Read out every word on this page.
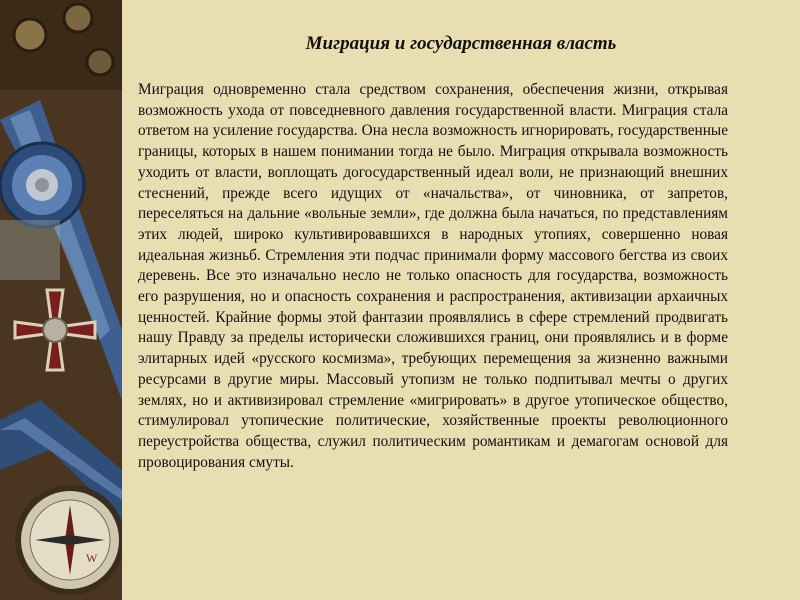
W
Миграция и государственная власть

Миграция одновременно стала средством сохранения, обеспечения жизни, открывая возможность ухода от повседневного давления государственной власти. Миграция стала ответом на усиление государства. Она несла возможность игнорировать, государственные границы, которых в нашем понимании тогда не было. Миграция открывала возможность уходить от власти, воплощать догосударственный идеал воли, не признающий внешних стеснений, прежде всего идущих от «начальства», от чиновника, от запретов, переселяться на дальние «вольные земли», где должна была начаться, по представлениям этих людей, широко культивировавшихся в народных утопиях, совершенно новая идеальная жизньб. Стремления эти подчас принимали форму массового бегства из своих деревень. Все это изначально несло не только опасность для государства, возможность его разрушения, но и опасность сохранения и распространения, активизации архаичных ценностей. Крайние формы этой фантазии проявлялись в сфере стремлений продвигать нашу Правду за пределы исторически сложившихся границ, они проявлялись и в форме элитарных идей «русского космизма», требующих перемещения за жизненно важными ресурсами в другие миры. Массовый утопизм не только подпитывал мечты о других землях, но и активизировал стремление «мигрировать» в другое утопическое общество, стимулировал утопические политические, хозяйственные проекты революционного переустройства общества, служил политическим романтикам и демагогам основой для провоцирования смуты.
